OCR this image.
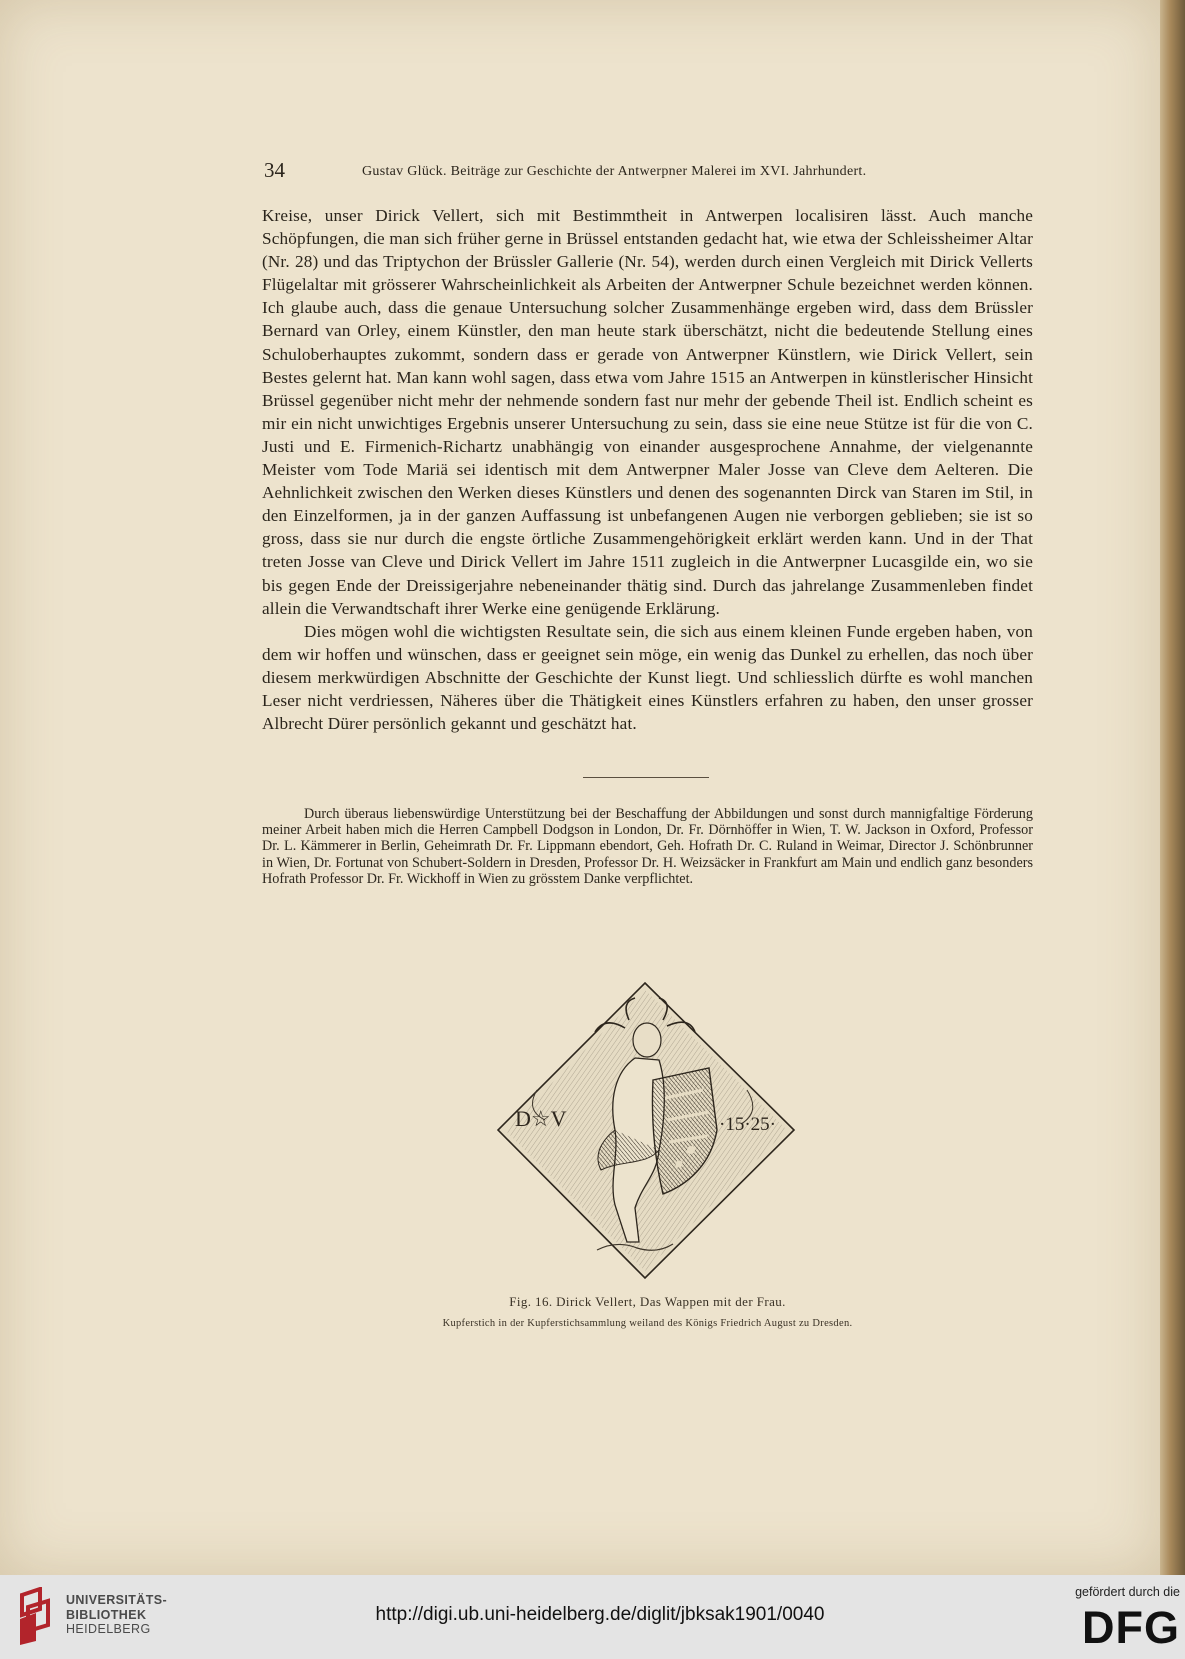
34	Gustav Glück. Beiträge zur Geschichte der Antwerpner Malerei im XVI. Jahrhundert.

Kreise, unser Dirick Vellert, sich mit Bestimmtheit in Antwerpen localisiren lässt. Auch manche Schöpfungen, die man sich früher gerne in Brüssel entstanden gedacht hat, wie etwa der Schleissheimer Altar (Nr. 28) und das Triptychon der Brüssler Gallerie (Nr. 54), werden durch einen Vergleich mit Dirick Vellerts Flügelaltar mit grösserer Wahrscheinlichkeit als Arbeiten der Antwerpner Schule bezeichnet werden können. Ich glaube auch, dass die genaue Untersuchung solcher Zusammenhänge ergeben wird, dass dem Brüssler Bernard van Orley, einem Künstler, den man heute stark überschätzt, nicht die bedeutende Stellung eines Schuloberhauptes zukommt, sondern dass er gerade von Antwerpner Künstlern, wie Dirick Vellert, sein Bestes gelernt hat. Man kann wohl sagen, dass etwa vom Jahre 1515 an Antwerpen in künstlerischer Hinsicht Brüssel gegenüber nicht mehr der nehmende sondern fast nur mehr der gebende Theil ist. Endlich scheint es mir ein nicht unwichtiges Ergebnis unserer Untersuchung zu sein, dass sie eine neue Stütze ist für die von C. Justi und E. Firmenich-Richartz unabhängig von einander ausgesprochene Annahme, der vielgenannte Meister vom Tode Mariä sei identisch mit dem Antwerpner Maler Josse van Cleve dem Aelteren. Die Aehnlichkeit zwischen den Werken dieses Künstlers und denen des sogenannten Dirck van Staren im Stil, in den Einzelformen, ja in der ganzen Auffassung ist unbefangenen Augen nie verborgen geblieben; sie ist so gross, dass sie nur durch die engste örtliche Zusammengehörigkeit erklärt werden kann. Und in der That treten Josse van Cleve und Dirick Vellert im Jahre 1511 zugleich in die Antwerpner Lucasgilde ein, wo sie bis gegen Ende der Dreissigerjahre nebeneinander thätig sind. Durch das jahrelange Zusammenleben findet allein die Verwandtschaft ihrer Werke eine genügende Erklärung.

Dies mögen wohl die wichtigsten Resultate sein, die sich aus einem kleinen Funde ergeben haben, von dem wir hoffen und wünschen, dass er geeignet sein möge, ein wenig das Dunkel zu erhellen, das noch über diesem merkwürdigen Abschnitte der Geschichte der Kunst liegt. Und schliesslich dürfte es wohl manchen Leser nicht verdriessen, Näheres über die Thätigkeit eines Künstlers erfahren zu haben, den unser grosser Albrecht Dürer persönlich gekannt und geschätzt hat.

Durch überaus liebenswürdige Unterstützung bei der Beschaffung der Abbildungen und sonst durch mannigfaltige Förderung meiner Arbeit haben mich die Herren Campbell Dodgson in London, Dr. Fr. Dörnhöffer in Wien, T. W. Jackson in Oxford, Professor Dr. L. Kämmerer in Berlin, Geheimrath Dr. Fr. Lippmann ebendort, Geh. Hofrath Dr. C. Ruland in Weimar, Director J. Schönbrunner in Wien, Dr. Fortunat von Schubert-Soldern in Dresden, Professor Dr. H. Weizsäcker in Frankfurt am Main und endlich ganz besonders Hofrath Professor Dr. Fr. Wickhoff in Wien zu grösstem Danke verpflichtet.

D☆V	·15·25·
Fig. 16. Dirick Vellert, Das Wappen mit der Frau.
Kupferstich in der Kupferstichsammlung weiland des Königs Friedrich August zu Dresden.
UNIVERSITÄTS-
BIBLIOTHEK
HEIDELBERG
http://digi.ub.uni-heidelberg.de/diglit/jbksak1901/0040
gefördert durch die
DFG
